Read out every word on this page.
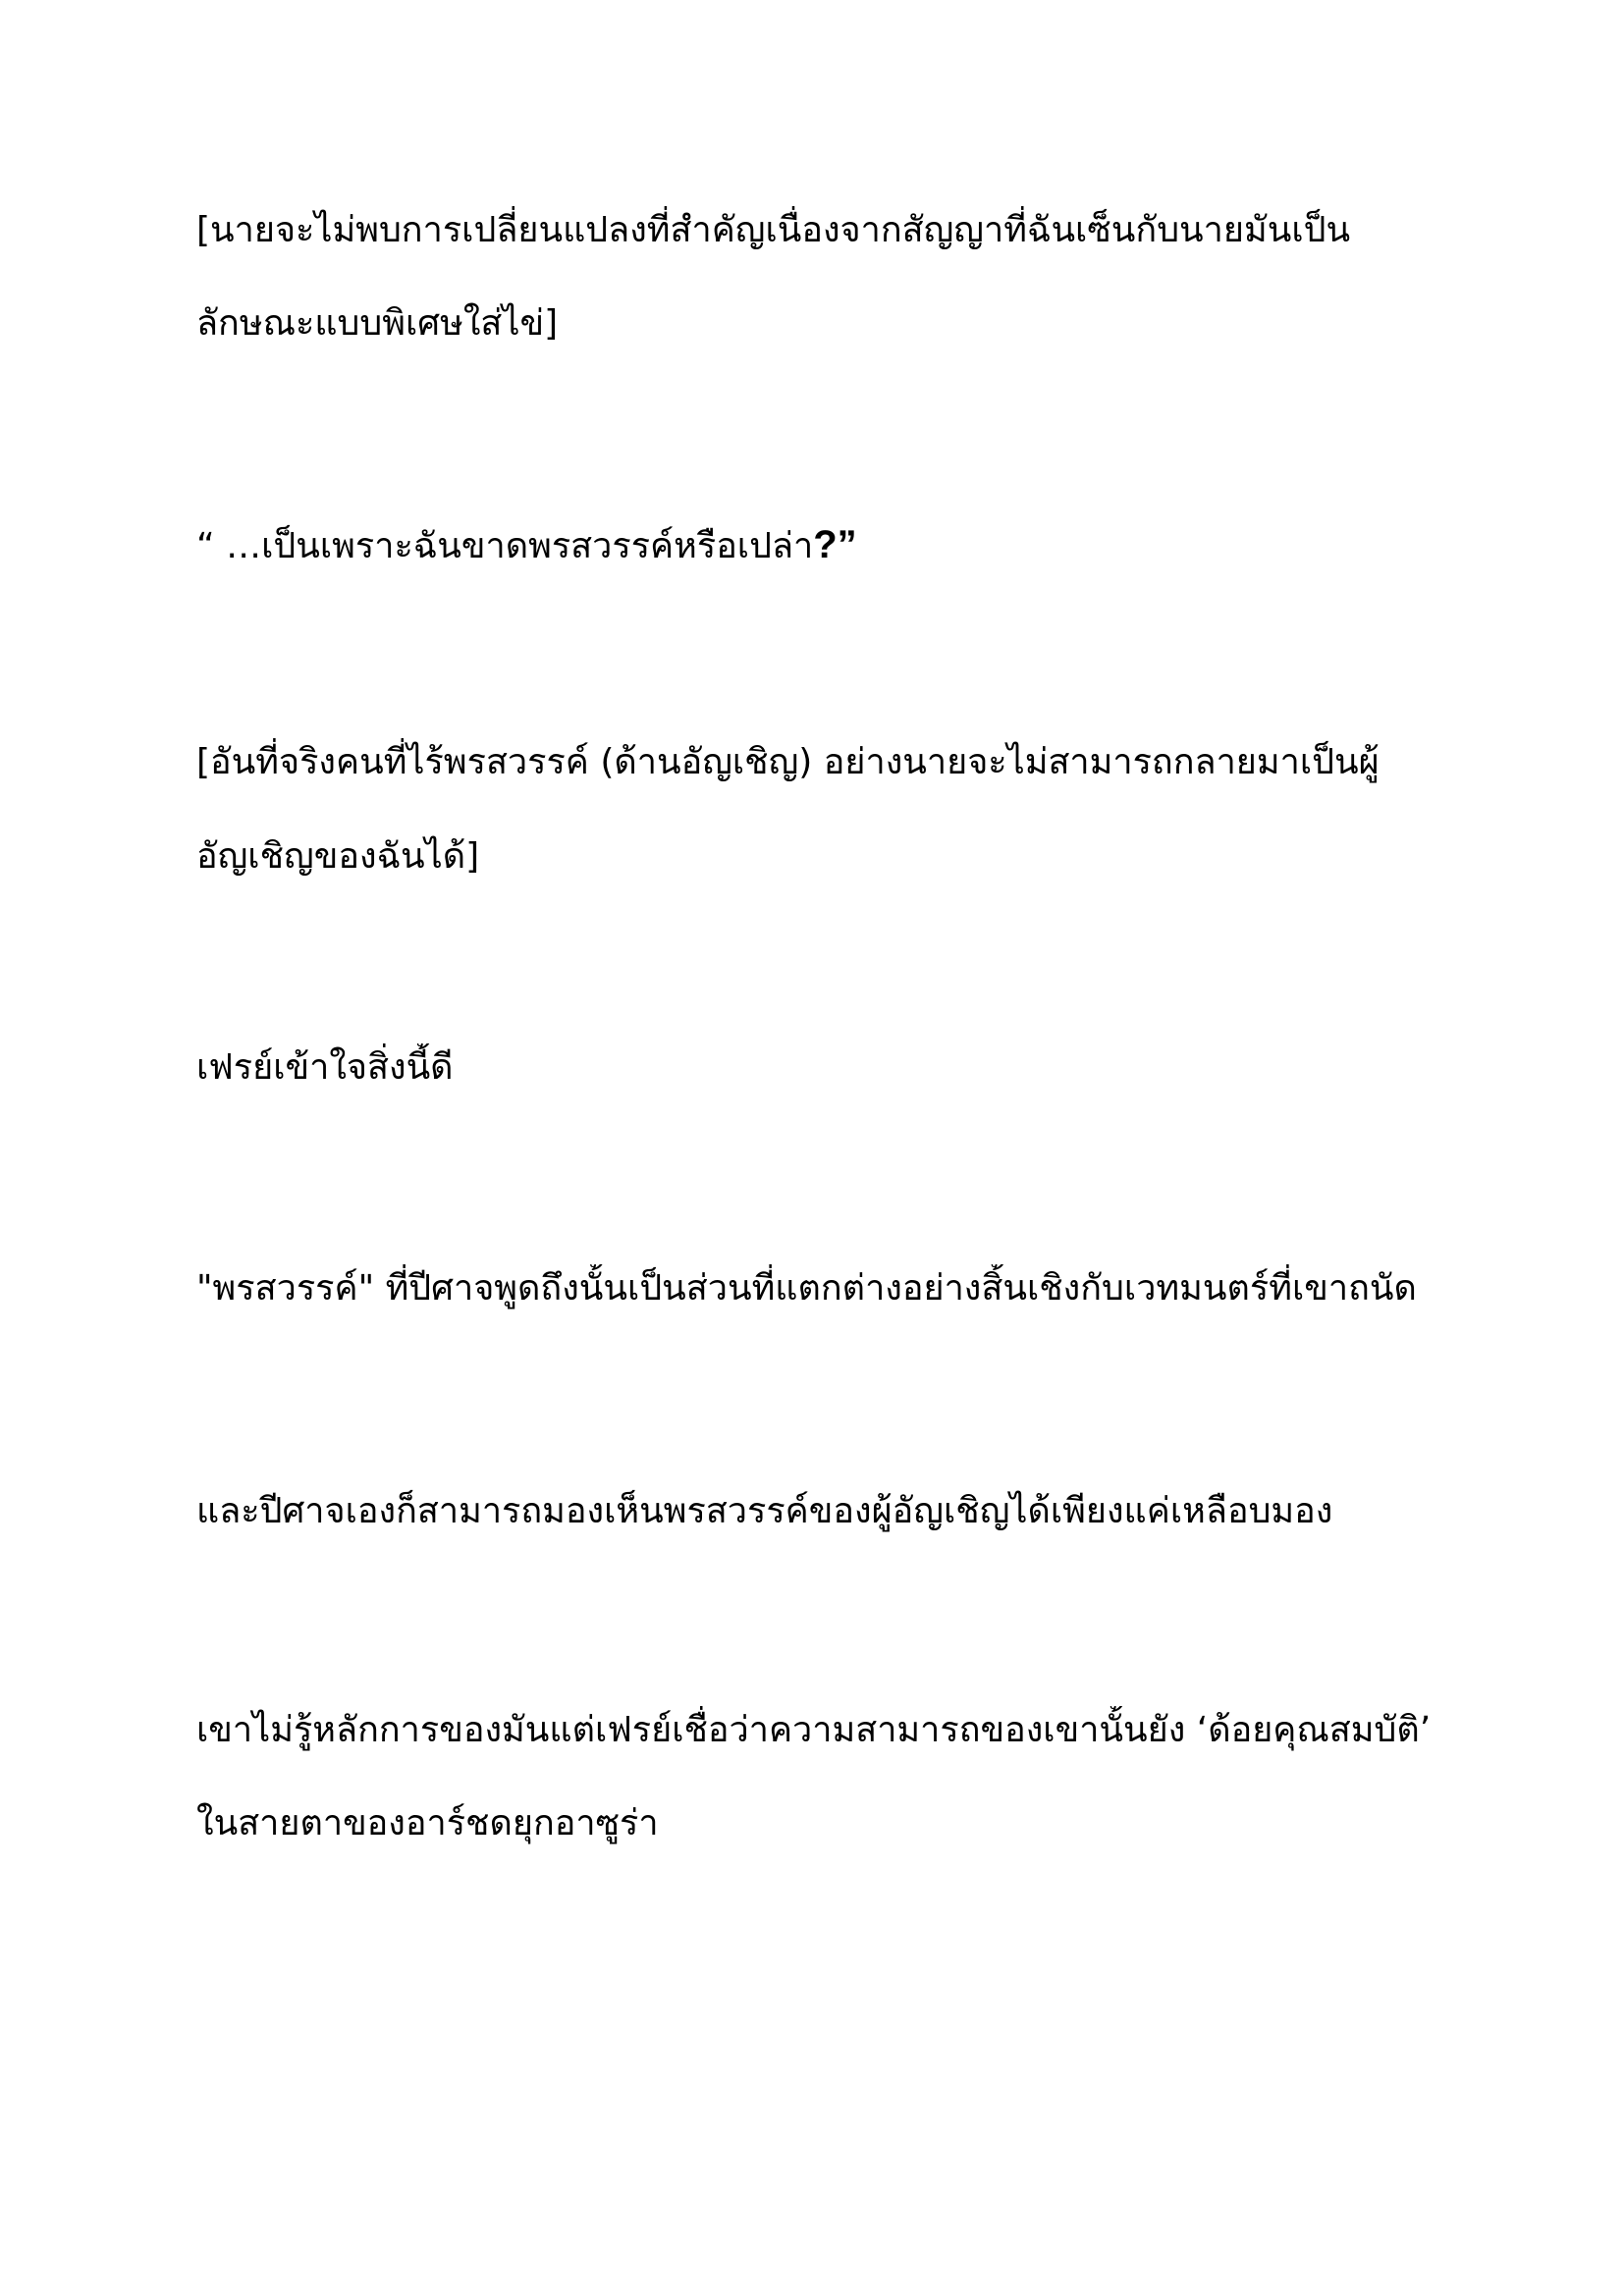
[นายจะไม่พบการเปลี่ยนแปลงที่สำคัญเนื่องจากสัญญาที่ฉันเซ็นกับนายมันเป็น

ลักษณะแบบพิเศษใส่ไข่]

“ …เป็นเพราะฉันขาดพรสวรรค์หรือเปล่า?”

[อันที่จริงคนที่ไร้พรสวรรค์ (ด้านอัญเชิญ) อย่างนายจะไม่สามารถกลายมาเป็นผู้

อัญเชิญของฉันได้]

เฟรย์เข้าใจสิ่งนี้ดี

"พรสวรรค์" ที่ปีศาจพูดถึงนั้นเป็นส่วนที่แตกต่างอย่างสิ้นเชิงกับเวทมนตร์ที่เขาถนัด

และปีศาจเองก็สามารถมองเห็นพรสวรรค์ของผู้อัญเชิญได้เพียงแค่เหลือบมอง

เขาไม่รู้หลักการของมันแต่เฟรย์เชื่อว่าความสามารถของเขานั้นยัง ‘ด้อยคุณสมบัติ’

ในสายตาของอาร์ชดยุกอาซูร่า
